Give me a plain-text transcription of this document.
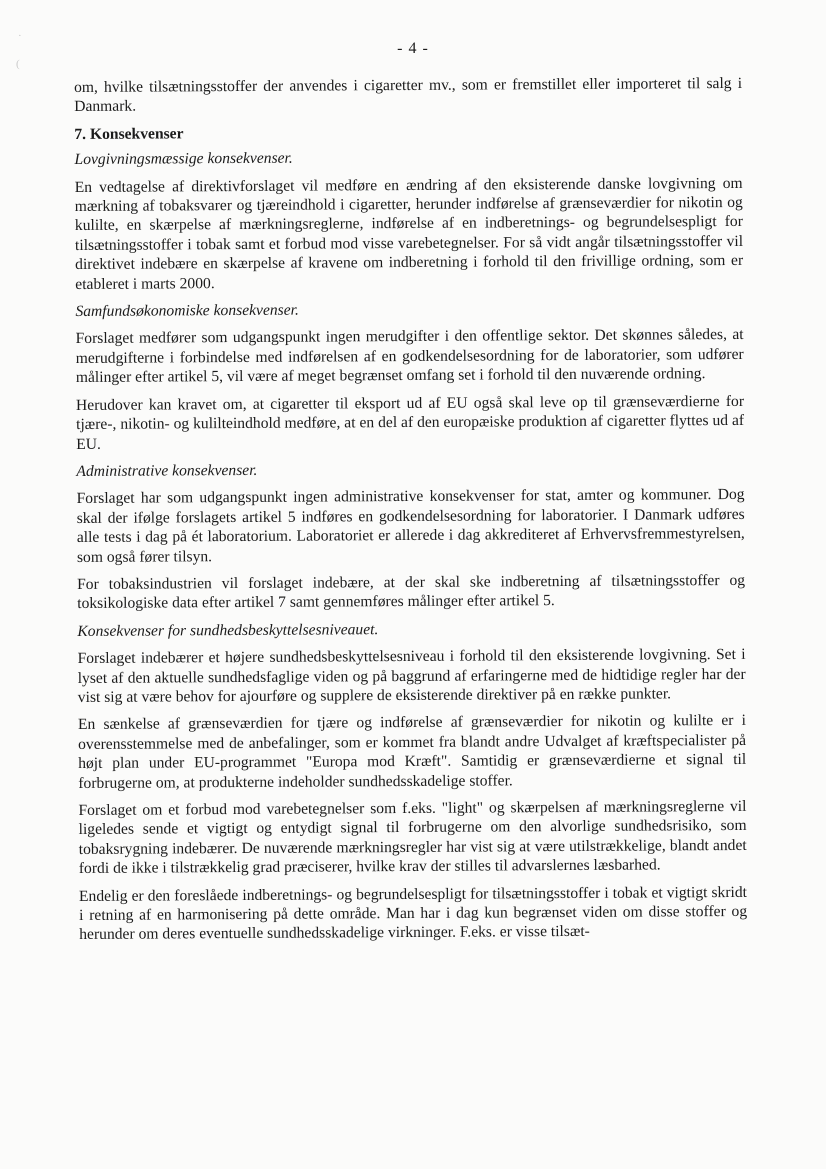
·
(
- 4 -

om, hvilke tilsætningsstoffer der anvendes i cigaretter mv., som er fremstillet eller importeret til salg i Danmark.

7. Konsekvenser
Lovgivningsmæssige konsekvenser.

En vedtagelse af direktivforslaget vil medføre en ændring af den eksisterende danske lovgivning om mærkning af tobaksvarer og tjæreindhold i cigaretter, herunder indførelse af grænseværdier for nikotin og kulilte, en skærpelse af mærkningsreglerne, indførelse af en indberetnings- og begrundelsespligt for tilsætningsstoffer i tobak samt et forbud mod visse varebetegnelser. For så vidt angår tilsætningsstoffer vil direktivet indebære en skærpelse af kravene om indberetning i forhold til den frivillige ordning, som er etableret i marts 2000.

Samfundsøkonomiske konsekvenser.

Forslaget medfører som udgangspunkt ingen merudgifter i den offentlige sektor. Det skønnes således, at merudgifterne i forbindelse med indførelsen af en godkendelsesordning for de laboratorier, som udfører målinger efter artikel 5, vil være af meget begrænset omfang set i forhold til den nuværende ordning.

Herudover kan kravet om, at cigaretter til eksport ud af EU også skal leve op til grænseværdierne for tjære-, nikotin- og kulilteindhold medføre, at en del af den europæiske produktion af cigaretter flyttes ud af EU.

Administrative konsekvenser.

Forslaget har som udgangspunkt ingen administrative konsekvenser for stat, amter og kommuner. Dog skal der ifølge forslagets artikel 5 indføres en godkendelsesordning for laboratorier. I Danmark udføres alle tests i dag på ét laboratorium. Laboratoriet er allerede i dag akkrediteret af Erhvervsfremmestyrelsen, som også fører tilsyn.

For tobaksindustrien vil forslaget indebære, at der skal ske indberetning af tilsætningsstoffer og toksikologiske data efter artikel 7 samt gennemføres målinger efter artikel 5.

Konsekvenser for sundhedsbeskyttelsesniveauet.

Forslaget indebærer et højere sundhedsbeskyttelsesniveau i forhold til den eksisterende lovgivning. Set i lyset af den aktuelle sundhedsfaglige viden og på baggrund af erfaringerne med de hidtidige regler har der vist sig at være behov for ajourføre og supplere de eksisterende direktiver på en række punkter.

En sænkelse af grænseværdien for tjære og indførelse af grænseværdier for nikotin og kulilte er i overensstemmelse med de anbefalinger, som er kommet fra blandt andre Udvalget af kræftspecialister på højt plan under EU-programmet "Europa mod Kræft". Samtidig er grænseværdierne et signal til forbrugerne om, at produkterne indeholder sundhedsskadelige stoffer.

Forslaget om et forbud mod varebetegnelser som f.eks. "light" og skærpelsen af mærkningsreglerne vil ligeledes sende et vigtigt og entydigt signal til forbrugerne om den alvorlige sundhedsrisiko, som tobaksrygning indebærer. De nuværende mærkningsregler har vist sig at være utilstrækkelige, blandt andet fordi de ikke i tilstrækkelig grad præciserer, hvilke krav der stilles til advarslernes læsbarhed.

Endelig er den foreslåede indberetnings- og begrundelsespligt for tilsætningsstoffer i tobak et vigtigt skridt i retning af en harmonisering på dette område. Man har i dag kun begrænset viden om disse stoffer og herunder om deres eventuelle sundhedsskadelige virkninger. F.eks. er visse tilsæt-
